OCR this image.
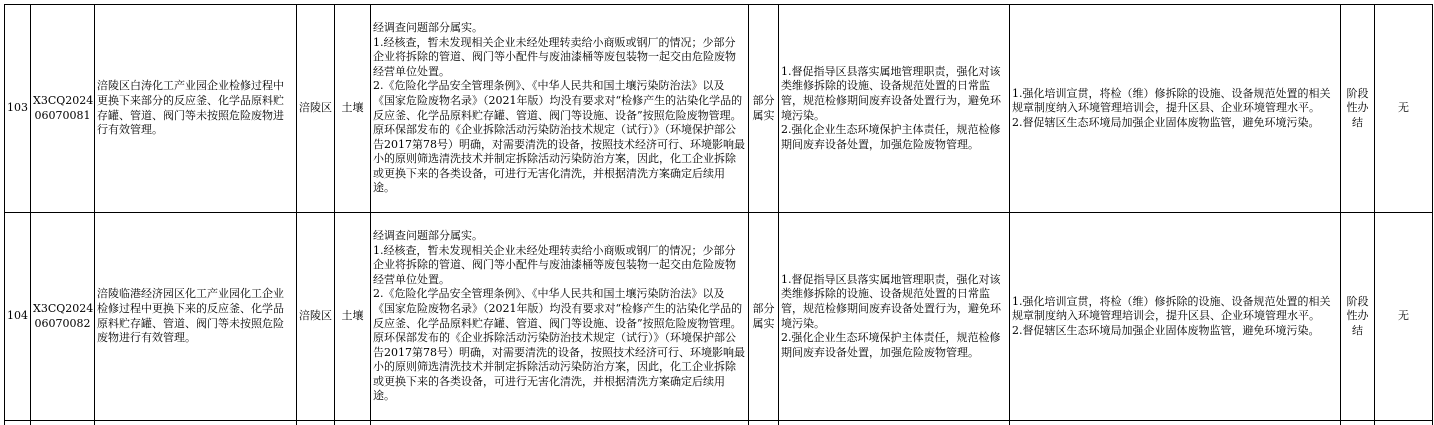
103	X3CQ2024
06070081	涪陵区白涛化工产业园企业检修过程中更换下来部分的反应釜、化学品原料贮存罐、管道、阀门等未按照危险废物进行有效管理。	涪陵区	土壤	经调查问题部分属实。
1.经核查，暂未发现相关企业未经处理转卖给小商贩或钢厂的情况；少部分企业将拆除的管道、阀门等小配件与废油漆桶等废包装物一起交由危险废物经营单位处置。
2.《危险化学品安全管理条例》、《中华人民共和国土壤污染防治法》以及《国家危险废物名录》（2021年版）均没有要求对“检修产生的沾染化学品的反应釜、化学品原料贮存罐、管道、阀门等设施、设备”按照危险废物管理。原环保部发布的《企业拆除活动污染防治技术规定（试行）》（环境保护部公告2017第78号）明确，对需要清洗的设备，按照技术经济可行、环境影响最小的原则筛选清洗技术并制定拆除活动污染防治方案，因此，化工企业拆除或更换下来的各类设备，可进行无害化清洗，并根据清洗方案确定后续用途。	部分属实	1.督促指导区县落实属地管理职责，强化对该类维修拆除的设施、设备规范处置的日常监管，规范检修期间废弃设备处置行为，避免环境污染。
2.强化企业生态环境保护主体责任，规范检修期间废弃设备处置，加强危险废物管理。	1.强化培训宣贯，将检（维）修拆除的设施、设备规范处置的相关规章制度纳入环境管理培训会，提升区县、企业环境管理水平。
2.督促辖区生态环境局加强企业固体废物监管，避免环境污染。	阶段性办结	无
104	X3CQ2024
06070082	涪陵临港经济园区化工产业园化工企业检修过程中更换下来的反应釜、化学品原料贮存罐、管道、阀门等未按照危险废物进行有效管理。	涪陵区	土壤	经调查问题部分属实。
1.经核查，暂未发现相关企业未经处理转卖给小商贩或钢厂的情况；少部分企业将拆除的管道、阀门等小配件与废油漆桶等废包装物一起交由危险废物经营单位处置。
2.《危险化学品安全管理条例》、《中华人民共和国土壤污染防治法》以及《国家危险废物名录》（2021年版）均没有要求对“检修产生的沾染化学品的反应釜、化学品原料贮存罐、管道、阀门等设施、设备”按照危险废物管理。原环保部发布的《企业拆除活动污染防治技术规定（试行）》（环境保护部公告2017第78号）明确，对需要清洗的设备，按照技术经济可行、环境影响最小的原则筛选清洗技术并制定拆除活动污染防治方案，因此，化工企业拆除或更换下来的各类设备，可进行无害化清洗，并根据清洗方案确定后续用途。	部分属实	1.督促指导区县落实属地管理职责，强化对该类维修拆除的设施、设备规范处置的日常监管，规范检修期间废弃设备处置行为，避免环境污染。
2.强化企业生态环境保护主体责任，规范检修期间废弃设备处置，加强危险废物管理。	1.强化培训宣贯，将检（维）修拆除的设施、设备规范处置的相关规章制度纳入环境管理培训会，提升区县、企业环境管理水平。
2.督促辖区生态环境局加强企业固体废物监管，避免环境污染。	阶段性办结	无
